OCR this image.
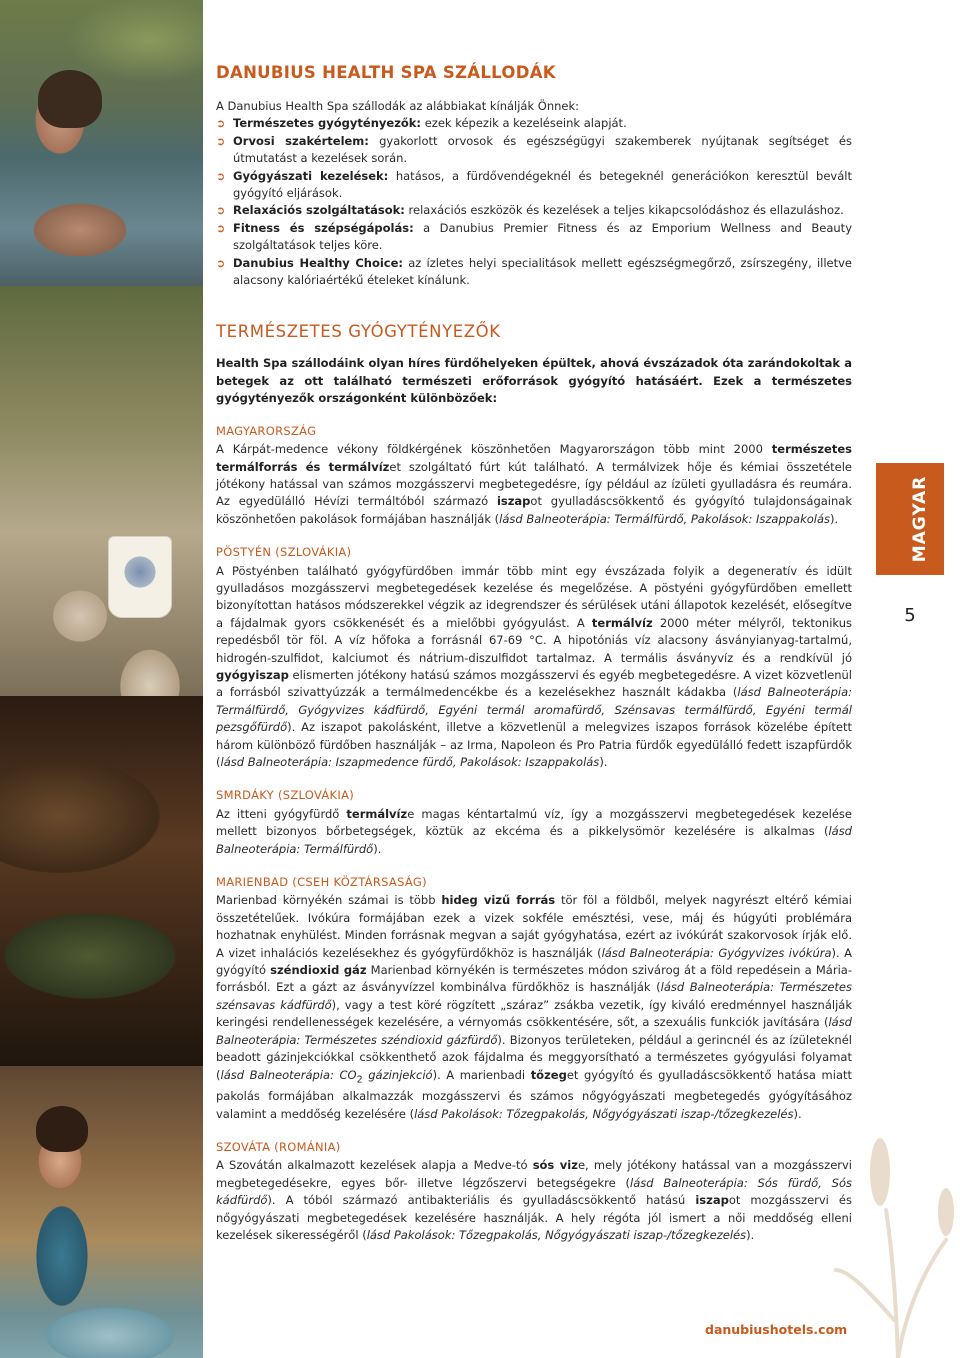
DANUBIUS HEALTH SPA SZÁLLODÁK

A Danubius Health Spa szállodák az alábbiakat kínálják Önnek:

➲ Természetes gyógytényezők: ezek képezik a kezeléseink alapját.
➲ Orvosi szakértelem: gyakorlott orvosok és egészségügyi szakemberek nyújtanak segítséget és útmutatást a kezelések során.
➲ Gyógyászati kezelések: hatásos, a fürdővendégeknél és betegeknél generációkon keresztül bevált gyógyító eljárások.
➲ Relaxációs szolgáltatások: relaxációs eszközök és kezelések a teljes kikapcsolódáshoz és ellazuláshoz.
➲ Fitness és szépségápolás: a Danubius Premier Fitness és az Emporium Wellness and Beauty szolgáltatások teljes köre.
➲ Danubius Healthy Choice: az ízletes helyi specialitások mellett egészségmegőrző, zsírszegény, illetve alacsony kalóriaértékű ételeket kínálunk.
TERMÉSZETES GYÓGYTÉNYEZŐK

Health Spa szállodáink olyan híres fürdőhelyeken épültek, ahová évszázadok óta zarándokoltak a betegek az ott található természeti erőforrások gyógyító hatásáért. Ezek a természetes gyógytényezők országonként különbözőek:

MAGYARORSZÁG

A Kárpát-medence vékony földkérgének köszönhetően Magyarországon több mint 2000 természetes termálforrás és termálvízet szolgáltató fúrt kút található. A termálvizek hője és kémiai összetétele jótékony hatással van számos mozgásszervi megbetegedésre, így például az ízületi gyulladásra és reumára. Az egyedülálló Hévízi termáltóból származó iszapot gyulladáscsökkentő és gyógyító tulajdonságainak köszönhetően pakolások formájában használják (lásd Balneoterápia: Termálfürdő, Pakolások: Iszappakolás).

PÖSTYÉN (SZLOVÁKIA)

A Pöstyénben található gyógyfürdőben immár több mint egy évszázada folyik a degeneratív és idült gyulladásos mozgásszervi megbetegedések kezelése és megelőzése. A pöstyéni gyógyfürdőben emellett bizonyítottan hatásos módszerekkel végzik az idegrendszer és sérülések utáni állapotok kezelését, elősegítve a fájdalmak gyors csökkenését és a mielőbbi gyógyulást. A termálvíz 2000 méter mélyről, tektonikus repedésből tör föl. A víz hőfoka a forrásnál 67-69 °C. A hipotóniás víz alacsony ásványianyag-tartalmú, hidrogén-szulfidot, kalciumot és nátrium-diszulfidot tartalmaz. A termális ásványvíz és a rendkívül jó gyógyiszap elismerten jótékony hatású számos mozgásszervi és egyéb megbetegedésre. A vizet közvetlenül a forrásból szivattyúzzák a termálmedencékbe és a kezelésekhez használt kádakba (lásd Balneoterápia: Termálfürdő, Gyógyvizes kádfürdő, Egyéni termál aromafürdő, Szénsavas termálfürdő, Egyéni termál pezsgőfürdő). Az iszapot pakolásként, illetve a közvetlenül a melegvizes iszapos források közelébe épített három különböző fürdőben használják – az Irma, Napoleon és Pro Patria fürdők egyedülálló fedett iszapfürdők (lásd Balneoterápia: Iszapmedence fürdő, Pakolások: Iszappakolás).

SMRDÁKY (SZLOVÁKIA)

Az itteni gyógyfürdő termálvíze magas kéntartalmú víz, így a mozgásszervi megbetegedések kezelése mellett bizonyos bőrbetegségek, köztük az ekcéma és a pikkelysömör kezelésére is alkalmas (lásd Balneoterápia: Termálfürdő).

MARIENBAD (CSEH KÖZTÁRSASÁG)

Marienbad környékén számai is több hideg vizű forrás tör föl a földből, melyek nagyrészt eltérő kémiai összetételűek. Ivókúra formájában ezek a vizek sokféle emésztési, vese, máj és húgyúti problémára hozhatnak enyhülést. Minden forrásnak megvan a saját gyógyhatása, ezért az ivókúrát szakorvosok írják elő. A vizet inhalációs kezelésekhez és gyógyfürdőkhöz is használják (lásd Balneoterápia: Gyógyvizes ivókúra). A gyógyító széndioxid gáz Marienbad környékén is természetes módon szivárog át a föld repedésein a Mária-forrásból. Ezt a gázt az ásványvízzel kombinálva fürdőkhöz is használják (lásd Balneoterápia: Természetes szénsavas kádfürdő), vagy a test köré rögzített „száraz” zsákba vezetik, így kiváló eredménnyel használják keringési rendellenességek kezelésére, a vérnyomás csökkentésére, sőt, a szexuális funkciók javítására (lásd Balneoterápia: Természetes széndioxid gázfürdő). Bizonyos területeken, például a gerincnél és az ízületeknél beadott gázinjekciókkal csökkenthető azok fájdalma és meggyorsítható a természetes gyógyulási folyamat (lásd Balneoterápia: $CO_2$ gázinjekció). A marienbadi tőzeget gyógyító és gyulladáscsökkentő hatása miatt pakolás formájában alkalmazzák mozgásszervi és számos nőgyógyászati megbetegedés gyógyításához valamint a meddőség kezelésére (lásd Pakolások: Tőzegpakolás, Nőgyógyászati iszap-/tőzegkezelés).

SZOVÁTA (ROMÁNIA)

A Szovátán alkalmazott kezelések alapja a Medve-tó sós vize, mely jótékony hatással van a mozgásszervi megbetegedésekre, egyes bőr- illetve légzőszervi betegségekre (lásd Balneoterápia: Sós fürdő, Sós kádfürdő). A tóból származó antibakteriális és gyulladáscsökkentő hatású iszapot mozgásszervi és nőgyógyászati megbetegedések kezelésére használják. A hely régóta jól ismert a női meddőség elleni kezelések sikerességéről (lásd Pakolások: Tőzegpakolás, Nőgyógyászati iszap-/tőzegkezelés).

MAGYAR
5
danubiushotels.com
